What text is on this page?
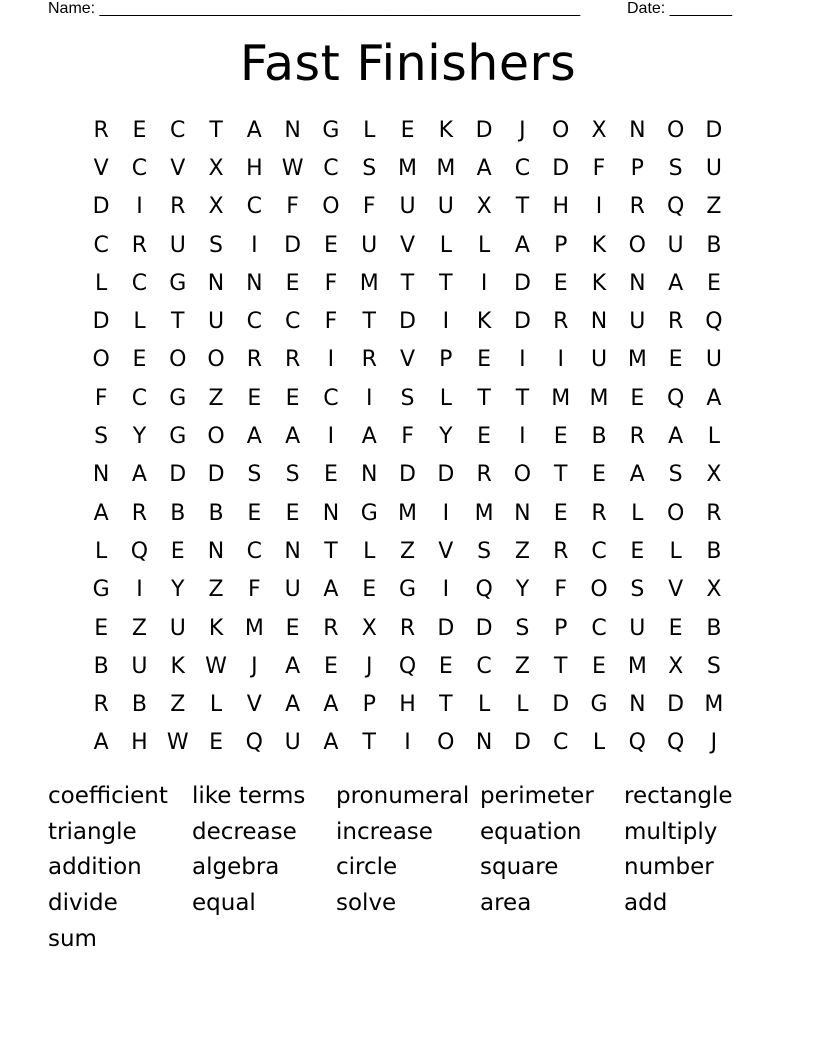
Name: ______________________________________________________	Date: _______
Fast Finishers
R	E	C	T	A	N G	L	E	K	D	J	O	X	N O D
V	C	V	X	H W C	S M M A	C	D	F	P	S	U
D	I	R	X	C	F	O	F	U	U	X	T	H	I	R Q	Z
C	R	U	S	I	D	E	U	V	L	L	A	P	K	O U	B
L	C	G N N	E	F	M	T	T	I	D	E	K	N	A	E
D	L	T	U	C	C	F	T	D	I	K	D	R	N	U	R Q
O	E	O O R	R	I	R	V	P	E	I	I	U M E	U
F	C	G	Z	E	E	C	I	S	L	T	T	M M E	Q	A
S	Y	G O	A	A	I	A	F	Y	E	I	E	B	R	A	L
N	A	D D	S	S	E	N D D	R O	T	E	A	S	X
A	R	B	B	E	E	N G M	I	M N	E	R	L	O R
L	Q	E	N	C	N	T	L	Z	V	S	Z	R	C	E	L	B
G	I	Y	Z	F	U	A	E	G	I	Q	Y	F	O	S	V	X
E	Z	U	K M E	R	X	R	D D	S	P	C	U	E	B
B	U	K W	J	A	E	J	Q	E	C	Z	T	E M X	S
R	B	Z	L	V	A	A	P	H	T	L	L	D G N D M
A	H W E	Q U	A	T	I	O N D	C	L	Q Q	J
coefficient	like terms	pronumeral perimeter	rectangle
triangle	decrease	increase	equation	multiply
addition	algebra	circle	square	number
divide	equal	solve	area	add
sum
